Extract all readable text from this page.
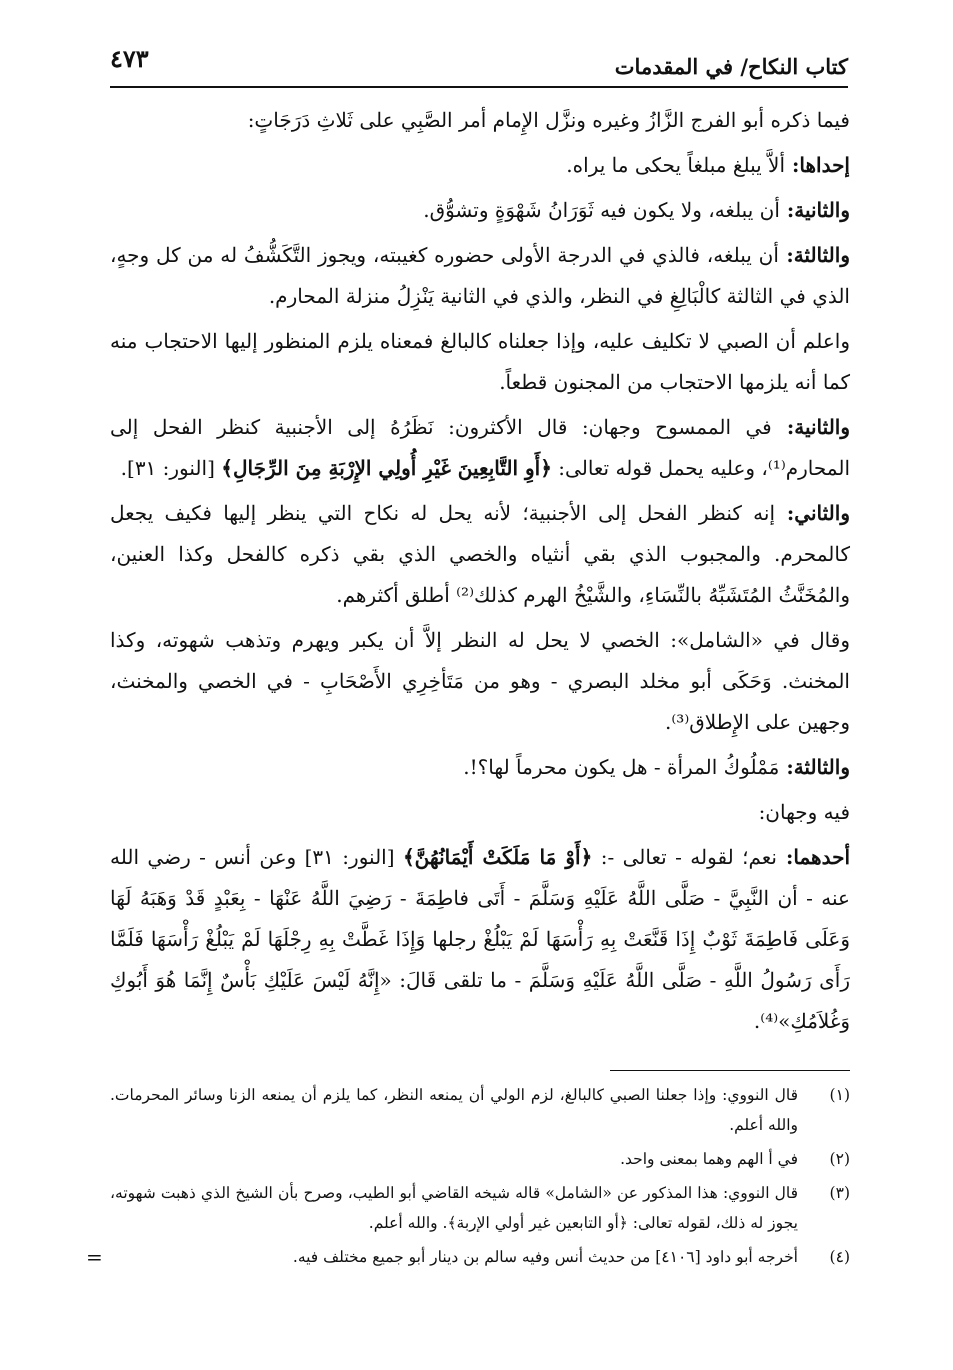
كتاب النكاح/ في المقدمات
٤٧٣

فيما ذكره أبو الفرج الزَّازُ وغيره ونزَّل الإِمام أمر الصَّبِي على ثَلاثِ دَرَجَاتٍ:

إحداها: ألاَّ يبلغ مبلغاً يحكى ما يراه.

والثانية: أن يبلغه، ولا يكون فيه ثَوَرَانُ شَهْوَةٍ وتشوُّق.

والثالثة: أن يبلغه، فالذي في الدرجة الأولى حضوره كغيبته، ويجوز التَّكَشُّفُ له من كل وجهٍ، الذي في الثالثة كالْبَالِغِ في النظر، والذي في الثانية يَنْزِلُ منزلة المحارم.

واعلم أن الصبي لا تكليف عليه، وإذا جعلناه كالبالغ فمعناه يلزم المنظور إليها الاحتجاب منه كما أنه يلزمها الاحتجاب من المجنون قطعاً.

والثانية: في الممسوح وجهان: قال الأكثرون: نَظَرُهُ إلى الأجنبية كنظر الفحل إلى المحارم⁽¹⁾، وعليه يحمل قوله تعالى: ﴿أَوِ التَّابِعِينَ غَيْرِ أُولِي الإِرْبَةِ مِنَ الرِّجَالِ﴾ [النور: ٣١].

والثاني: إنه كنظر الفحل إلى الأجنبية؛ لأنه يحل له نكاح التي ينظر إليها فكيف يجعل كالمحرم. والمجبوب الذي بقي أنثياه والخصي الذي بقي ذكره كالفحل وكذا العنين، والمُخَنَّثُ المُتَشَبِّهُ بالنِّسَاءِ، والشَّيْخُ الهرم كذلك⁽²⁾ أطلق أكثرهم.

وقال في «الشامل»: الخصي لا يحل له النظر إلاَّ أن يكبر ويهرم وتذهب شهوته، وكذا المخنث. وَحَكَى أبو مخلد البصري - وهو من مَتَأخِرِي الأَصْحَابِ - في الخصي والمخنث، وجهين على الإِطلاق⁽³⁾.

والثالثة: مَمْلُوكُ المرأة - هل يكون محرماً لها؟!.

فيه وجهان:

أحدهما: نعم؛ لقوله - تعالى -: ﴿أَوْ مَا مَلَكَتْ أَيْمَانُهُنَّ﴾ [النور: ٣١] وعن أنس - رضي الله عنه - أن النَّبِيَّ - صَلَّى اللَّهُ عَلَيْهِ وَسَلَّمَ - أَتَى فاطِمَةَ - رَضِيَ اللَّهُ عَنْهَا - بِعَبْدٍ قَدْ وَهَبَهُ لَهَا وَعَلَى فَاطِمَةَ ثَوْبٌ إِذَا قَنَّعَتْ بِهِ رَأْسَهَا لَمْ يَبْلُغْ رجلها وَإِذَا غَطَّتْ بِهِ رِجْلَهَا لَمْ يَبْلُغْ رَأْسَهَا فَلَمَّا رَأَى رَسُولُ اللَّهِ - صَلَّى اللَّهُ عَلَيْهِ وَسَلَّمَ - ما تلقى قَالَ: «إِنَّهُ لَيْسَ عَلَيْكِ بَأْسٌ إِنَّمَا هُوَ أَبُوكِ وَغُلاَمُكِ»⁽⁴⁾.

(١)
قال النووي: وإذا جعلنا الصبي كالبالغ، لزم الولي أن يمنعه النظر، كما يلزم أن يمنعه الزنا وسائر المحرمات. والله أعلم.
(٢)
في أ الهم وهما بمعنى واحد.
(٣)
قال النووي: هذا المذكور عن «الشامل» قاله شيخه القاضي أبو الطيب، وصرح بأن الشيخ الذي ذهبت شهوته، يجوز له ذلك، لقوله تعالى: ﴿أو التابعين غير أولي الإربة﴾. والله أعلم.
(٤)
أخرجه أبو داود [٤١٠٦] من حديث أنس وفيه سالم بن دينار أبو جميع مختلف فيه.
=
